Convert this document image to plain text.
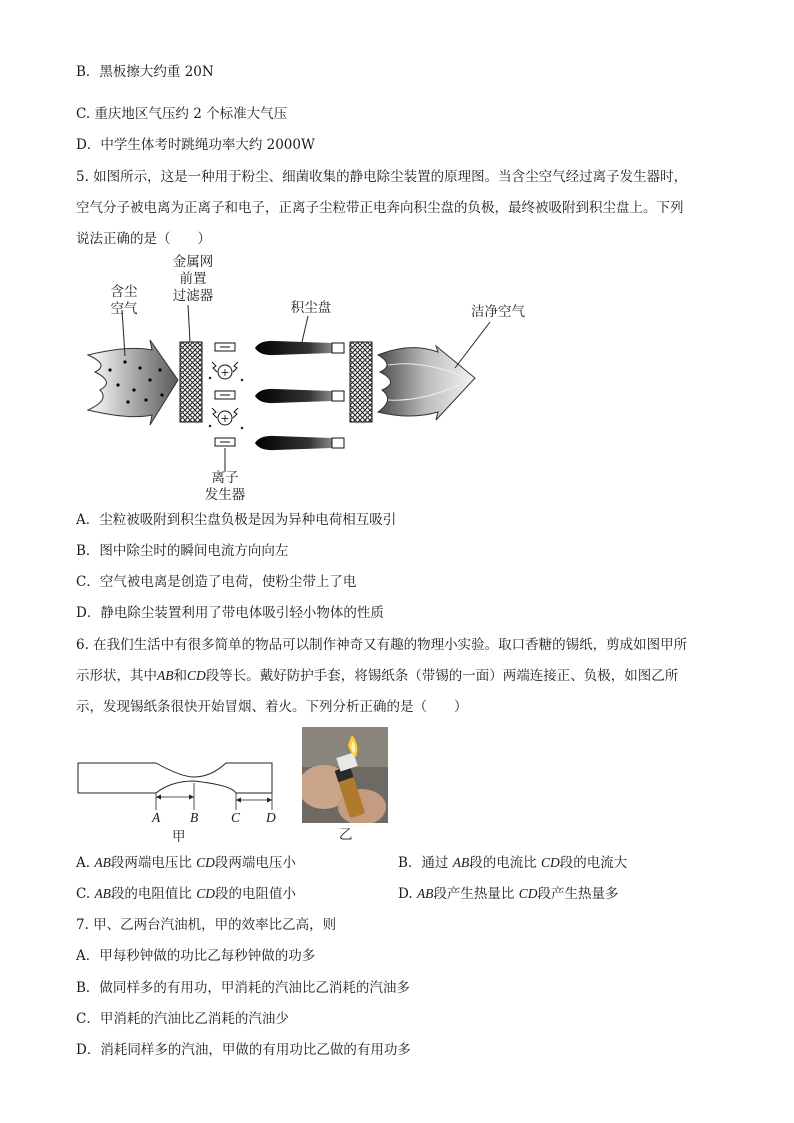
B．黑板擦大约重 20N
C. 重庆地区气压约 2 个标准大气压
D．中学生体考时跳绳功率大约 2000W
5. 如图所示，这是一种用于粉尘、细菌收集的静电除尘装置的原理图。当含尘空气经过离子发生器时，
空气分子被电离为正离子和电子，正离子尘粒带正电奔向积尘盘的负极，最终被吸附到积尘盘上。下列
说法正确的是（　　）
+
+
含尘
空气
金属网
前置
过滤器
积尘盘	洁净空气
离子
发生器
A．尘粒被吸附到积尘盘负极是因为异种电荷相互吸引
B．图中除尘时的瞬间电流方向向左
C．空气被电离是创造了电荷，使粉尘带上了电
D．静电除尘装置利用了带电体吸引轻小物体的性质
6. 在我们生活中有很多简单的物品可以制作神奇又有趣的物理小实验。取口香糖的锡纸，剪成如图甲所
示形状，其中AB和CD段等长。戴好防护手套，将锡纸条（带锡的一面）两端连接正、负极，如图乙所
示，发现锡纸条很快开始冒烟、着火。下列分析正确的是（　　）
A B C D
甲	乙
A. AB段两端电压比 CD段两端电压小	B．通过 AB段的电流比 CD段的电流大
C. AB段的电阻值比 CD段的电阻值小	D. AB段产生热量比 CD段产生热量多
7. 甲、乙两台汽油机，甲的效率比乙高，则
A．甲每秒钟做的功比乙每秒钟做的功多
B．做同样多的有用功，甲消耗的汽油比乙消耗的汽油多
C．甲消耗的汽油比乙消耗的汽油少
D．消耗同样多的汽油，甲做的有用功比乙做的有用功多
